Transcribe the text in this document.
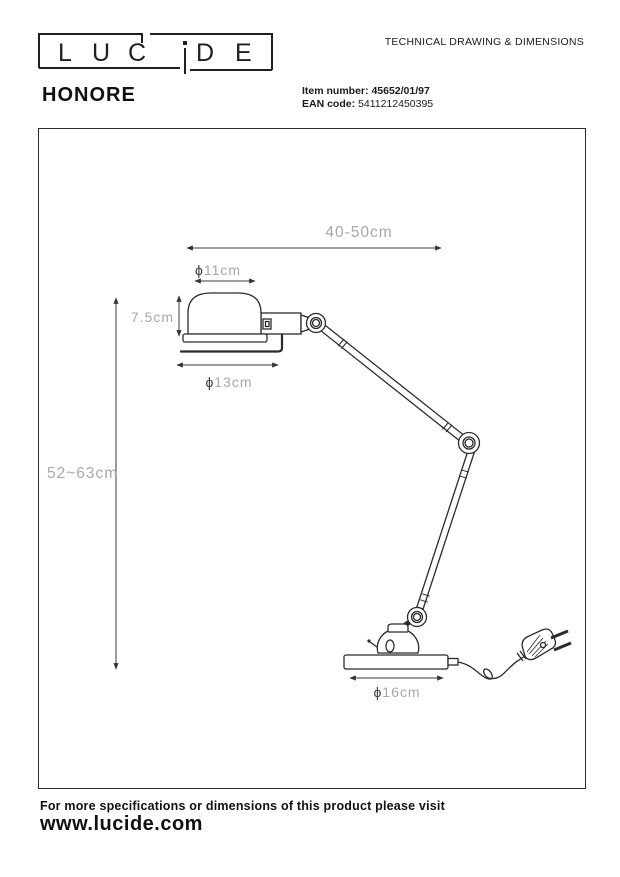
L U C D E	TECHNICAL DRAWING & DIMENSIONS
HONORE	Item number: 45652/01/97
EAN code: 5411212450395
40-50cm
ϕ11cm
7.5cm
ϕ13cm
52~63cm
ϕ16cm
For more specifications or dimensions of this product please visit
www.lucide.com
